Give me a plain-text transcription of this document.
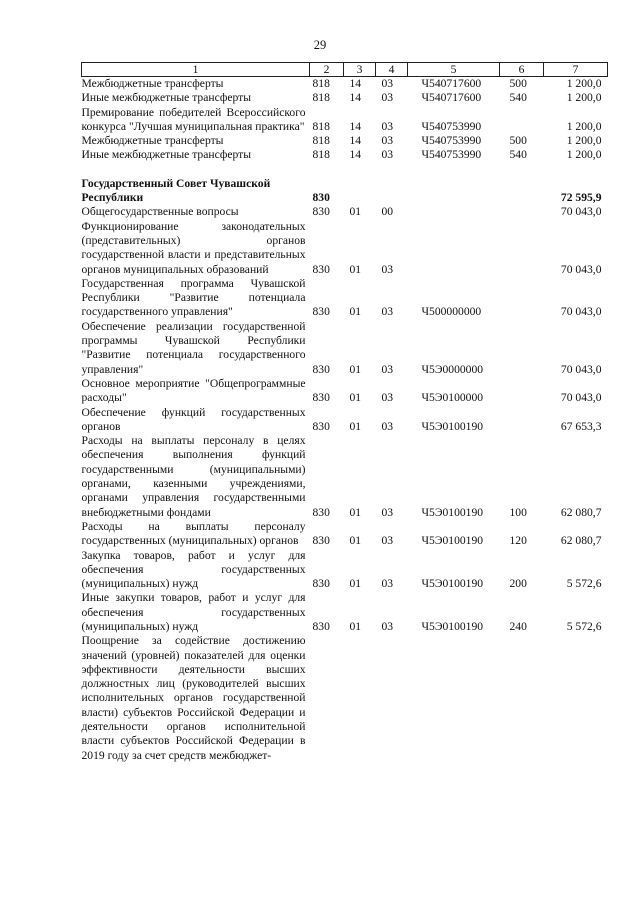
29
1	2	3	4	5	6	7
Межбюджетные трансферты	818	14	03	Ч540717600	500	1 200,0
Иные межбюджетные трансферты	818	14	03	Ч540717600	540	1 200,0
Премирование победителей Всероссийского конкурса "Лучшая муниципальная практика"	818	14	03	Ч540753990		1 200,0
Межбюджетные трансферты	818	14	03	Ч540753990	500	1 200,0
Иные межбюджетные трансферты	818	14	03	Ч540753990	540	1 200,0

Государственный Совет Чувашской Республики	830					72 595,9
Общегосударственные вопросы	830	01	00			70 043,0
Функционирование законодательных (представительных) органов государственной власти и представительных органов муниципальных образований	830	01	03			70 043,0
Государственная программа Чувашской Республики "Развитие потенциала государственного управления"	830	01	03	Ч500000000		70 043,0
Обеспечение реализации государственной программы Чувашской Республики "Развитие потенциала государственного управления"	830	01	03	Ч5Э0000000		70 043,0
Основное мероприятие "Общепрограммные расходы"	830	01	03	Ч5Э0100000		70 043,0
Обеспечение функций государственных органов	830	01	03	Ч5Э0100190		67 653,3
Расходы на выплаты персоналу в целях обеспечения выполнения функций государственными (муниципальными) органами, казенными учреждениями, органами управления государственными внебюджетными фондами	830	01	03	Ч5Э0100190	100	62 080,7
Расходы на выплаты персоналу государственных (муниципальных) органов	830	01	03	Ч5Э0100190	120	62 080,7
Закупка товаров, работ и услуг для обеспечения государственных (муниципальных) нужд	830	01	03	Ч5Э0100190	200	5 572,6
Иные закупки товаров, работ и услуг для обеспечения государственных (муниципальных) нужд	830	01	03	Ч5Э0100190	240	5 572,6
Поощрение за содействие достижению значений (уровней) показателей для оценки эффективности деятельности высших должностных лиц (руководителей высших исполнительных органов государственной власти) субъектов Российской Федерации и деятельности органов исполнительной власти субъектов Российской Федерации в 2019 году за счет средств межбюджет-						
